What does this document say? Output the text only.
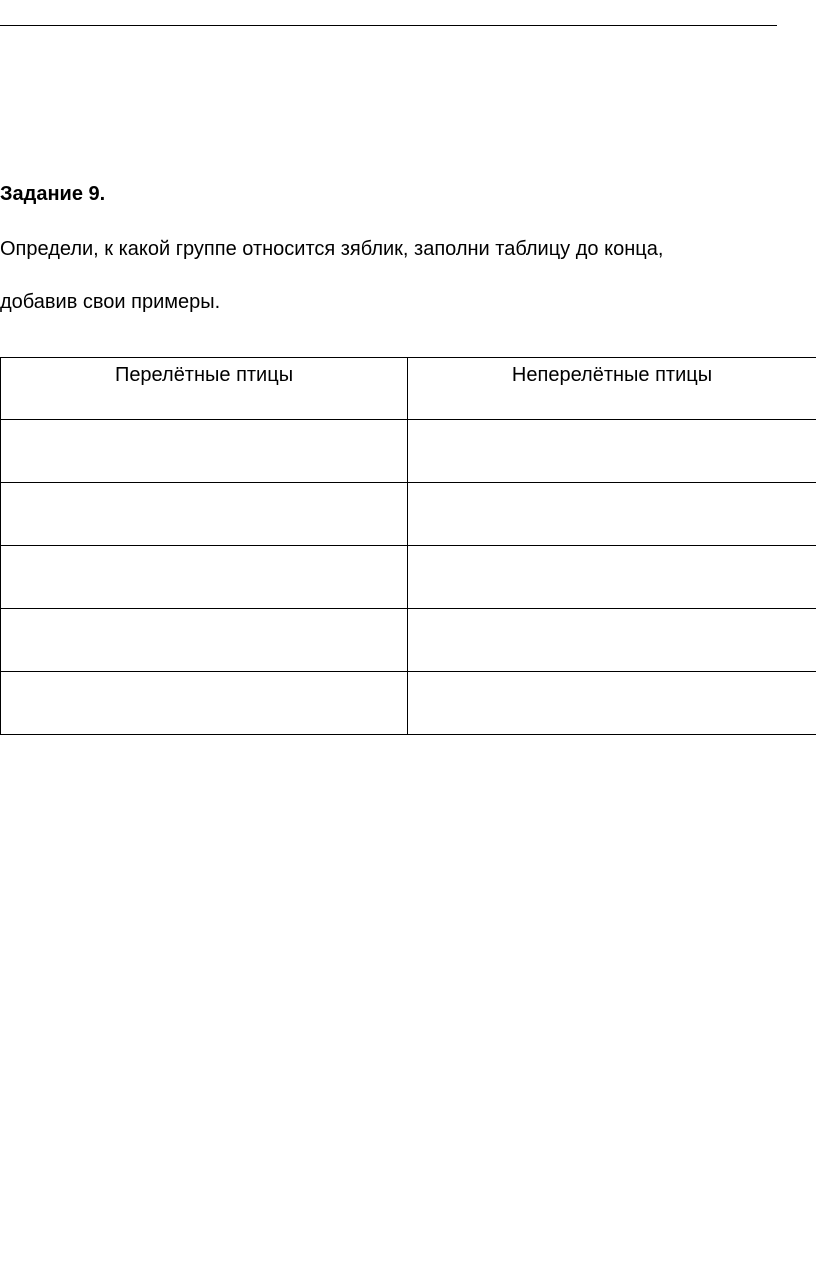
Задание 9.
Определи, к какой группе относится зяблик, заполни таблицу до конца,
добавив свои примеры.
Перелётные птицы	Неперелётные птицы
